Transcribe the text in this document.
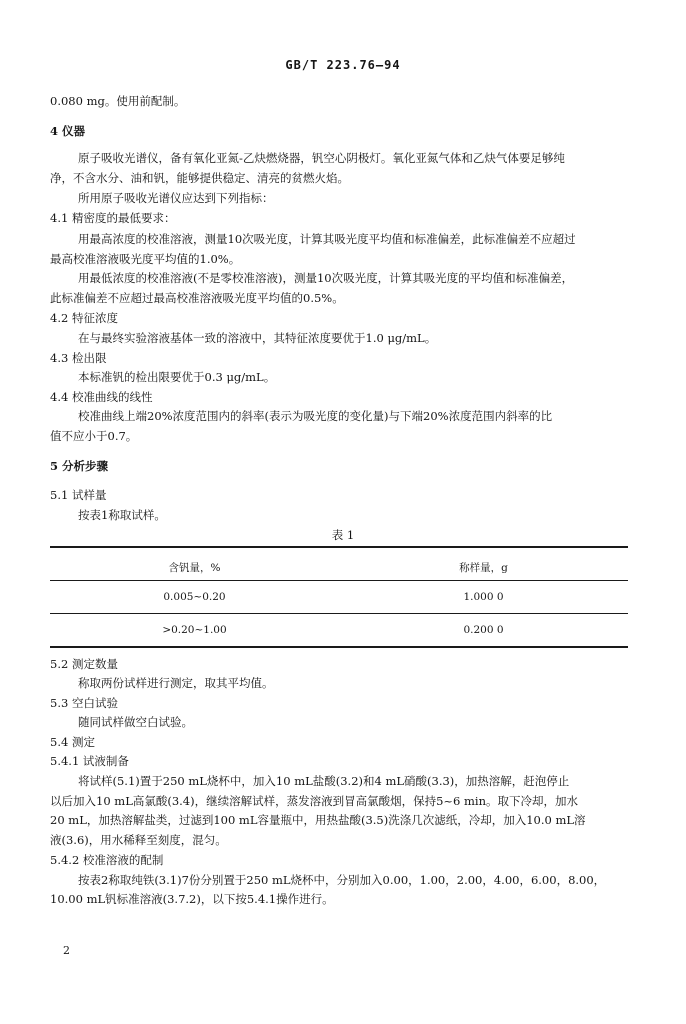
GB/T 223.76—94
0.080 mg。使用前配制。
4 仪器
原子吸收光谱仪，备有氧化亚氮-乙炔燃烧器，钒空心阴极灯。氧化亚氮气体和乙炔气体要足够纯
净，不含水分、油和钒，能够提供稳定、清亮的贫燃火焰。
所用原子吸收光谱仪应达到下列指标：
4.1 精密度的最低要求：
用最高浓度的校准溶液，测量10次吸光度，计算其吸光度平均值和标准偏差，此标准偏差不应超过
最高校准溶液吸光度平均值的1.0%。
用最低浓度的校准溶液(不是零校准溶液)，测量10次吸光度，计算其吸光度的平均值和标准偏差，
此标准偏差不应超过最高校准溶液吸光度平均值的0.5%。
4.2 特征浓度
在与最终实验溶液基体一致的溶液中，其特征浓度要优于1.0 μg/mL。
4.3 检出限
本标准钒的检出限要优于0.3 μg/mL。
4.4 校准曲线的线性
校准曲线上端20%浓度范围内的斜率(表示为吸光度的变化量)与下端20%浓度范围内斜率的比
值不应小于0.7。
5 分析步骤
5.1 试样量
按表1称取试样。
表 1
含钒量，%	称样量，g
0.005~0.20	1.000 0
>0.20~1.00	0.200 0
5.2 测定数量
称取两份试样进行测定，取其平均值。
5.3 空白试验
随同试样做空白试验。
5.4 测定
5.4.1 试液制备
将试样(5.1)置于250 mL烧杯中，加入10 mL盐酸(3.2)和4 mL硝酸(3.3)，加热溶解，赶泡停止
以后加入10 mL高氯酸(3.4)，继续溶解试样，蒸发溶液到冒高氯酸烟，保持5~6 min。取下冷却，加水
20 mL，加热溶解盐类，过滤到100 mL容量瓶中，用热盐酸(3.5)洗涤几次滤纸，冷却，加入10.0 mL溶
液(3.6)，用水稀释至刻度，混匀。
5.4.2 校准溶液的配制
按表2称取纯铁(3.1)7份分别置于250 mL烧杯中，分别加入0.00，1.00，2.00，4.00，6.00，8.00，
10.00 mL钒标准溶液(3.7.2)，以下按5.4.1操作进行。
2
